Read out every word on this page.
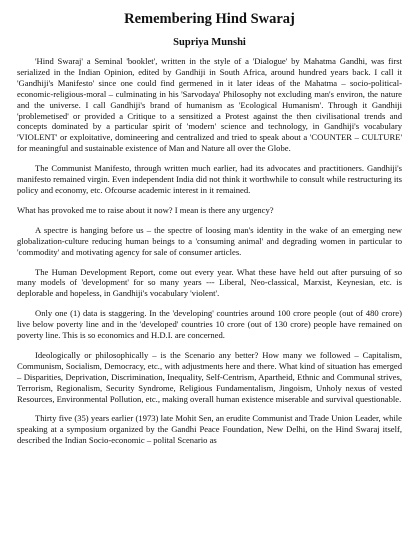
Remembering Hind Swaraj
Supriya Munshi

'Hind Swaraj' a Seminal 'booklet', written in the style of a 'Dialogue' by Mahatma Gandhi, was first serialized in the Indian Opinion, edited by Gandhiji in South Africa, around hundred years back. I call it 'Gandhiji's Manifesto' since one could find germened in it later ideas of the Mahatma – socio-political-economic-religious-moral – culminating in his 'Sarvodaya' Philosophy not excluding man's environ, the nature and the universe. I call Gandhiji's brand of humanism as 'Ecological Humanism'. Through it Gandhiji 'problemetised' or provided a Critique to a sensitized a Protest against the then civilisational trends and concepts dominated by a particular spirit of 'modern' science and technology, in Gandhiji's vocabulary 'VIOLENT' or exploitative, domineering and centralized and tried to speak about a 'COUNTER – CULTURE' for meaningful and sustainable existence of Man and Nature all over the Globe.

The Communist Manifesto, through written much earlier, had its advocates and practitioners. Gandhiji's manifesto remained virgin. Even independent India did not think it worthwhile to consult while restructuring its policy and economy, etc. Ofcourse academic interest in it remained.

What has provoked me to raise about it now? I mean is there any urgency?

A spectre is hanging before us – the spectre of loosing man's identity in the wake of an emerging new globalization-culture reducing human beings to a 'consuming animal' and degrading women in particular to 'commodity' and motivating agency for sale of consumer articles.

The Human Development Report, come out every year. What these have held out after pursuing of so many models of 'development' for so many years --- Liberal, Neo-classical, Marxist, Keynesian, etc. is deplorable and hopeless, in Gandhiji's vocabulary 'violent'.

Only one (1) data is staggering. In the 'developing' countries around 100 crore people (out of 480 crore) live below poverty line and in the 'developed' countries 10 crore (out of 130 crore) people have remained on poverty line. This is so economics and H.D.I. are concerned.

Ideologically or philosophically – is the Scenario any better? How many we followed – Capitalism, Communism, Socialism, Democracy, etc., with adjustments here and there. What kind of situation has emerged – Disparities, Deprivation, Discrimination, Inequality, Self-Centrism, Apartheid, Ethnic and Communal strives, Terrorism, Regionalism, Security Syndrome, Religious Fundamentalism, Jingoism, Unholy nexus of vested Resources, Environmental Pollution, etc., making overall human existence miserable and survival questionable.

Thirty five (35) years earlier (1973) late Mohit Sen, an erudite Communist and Trade Union Leader, while speaking at a symposium organized by the Gandhi Peace Foundation, New Delhi, on the Hind Swaraj itself, described the Indian Socio-economic – polital Scenario as
